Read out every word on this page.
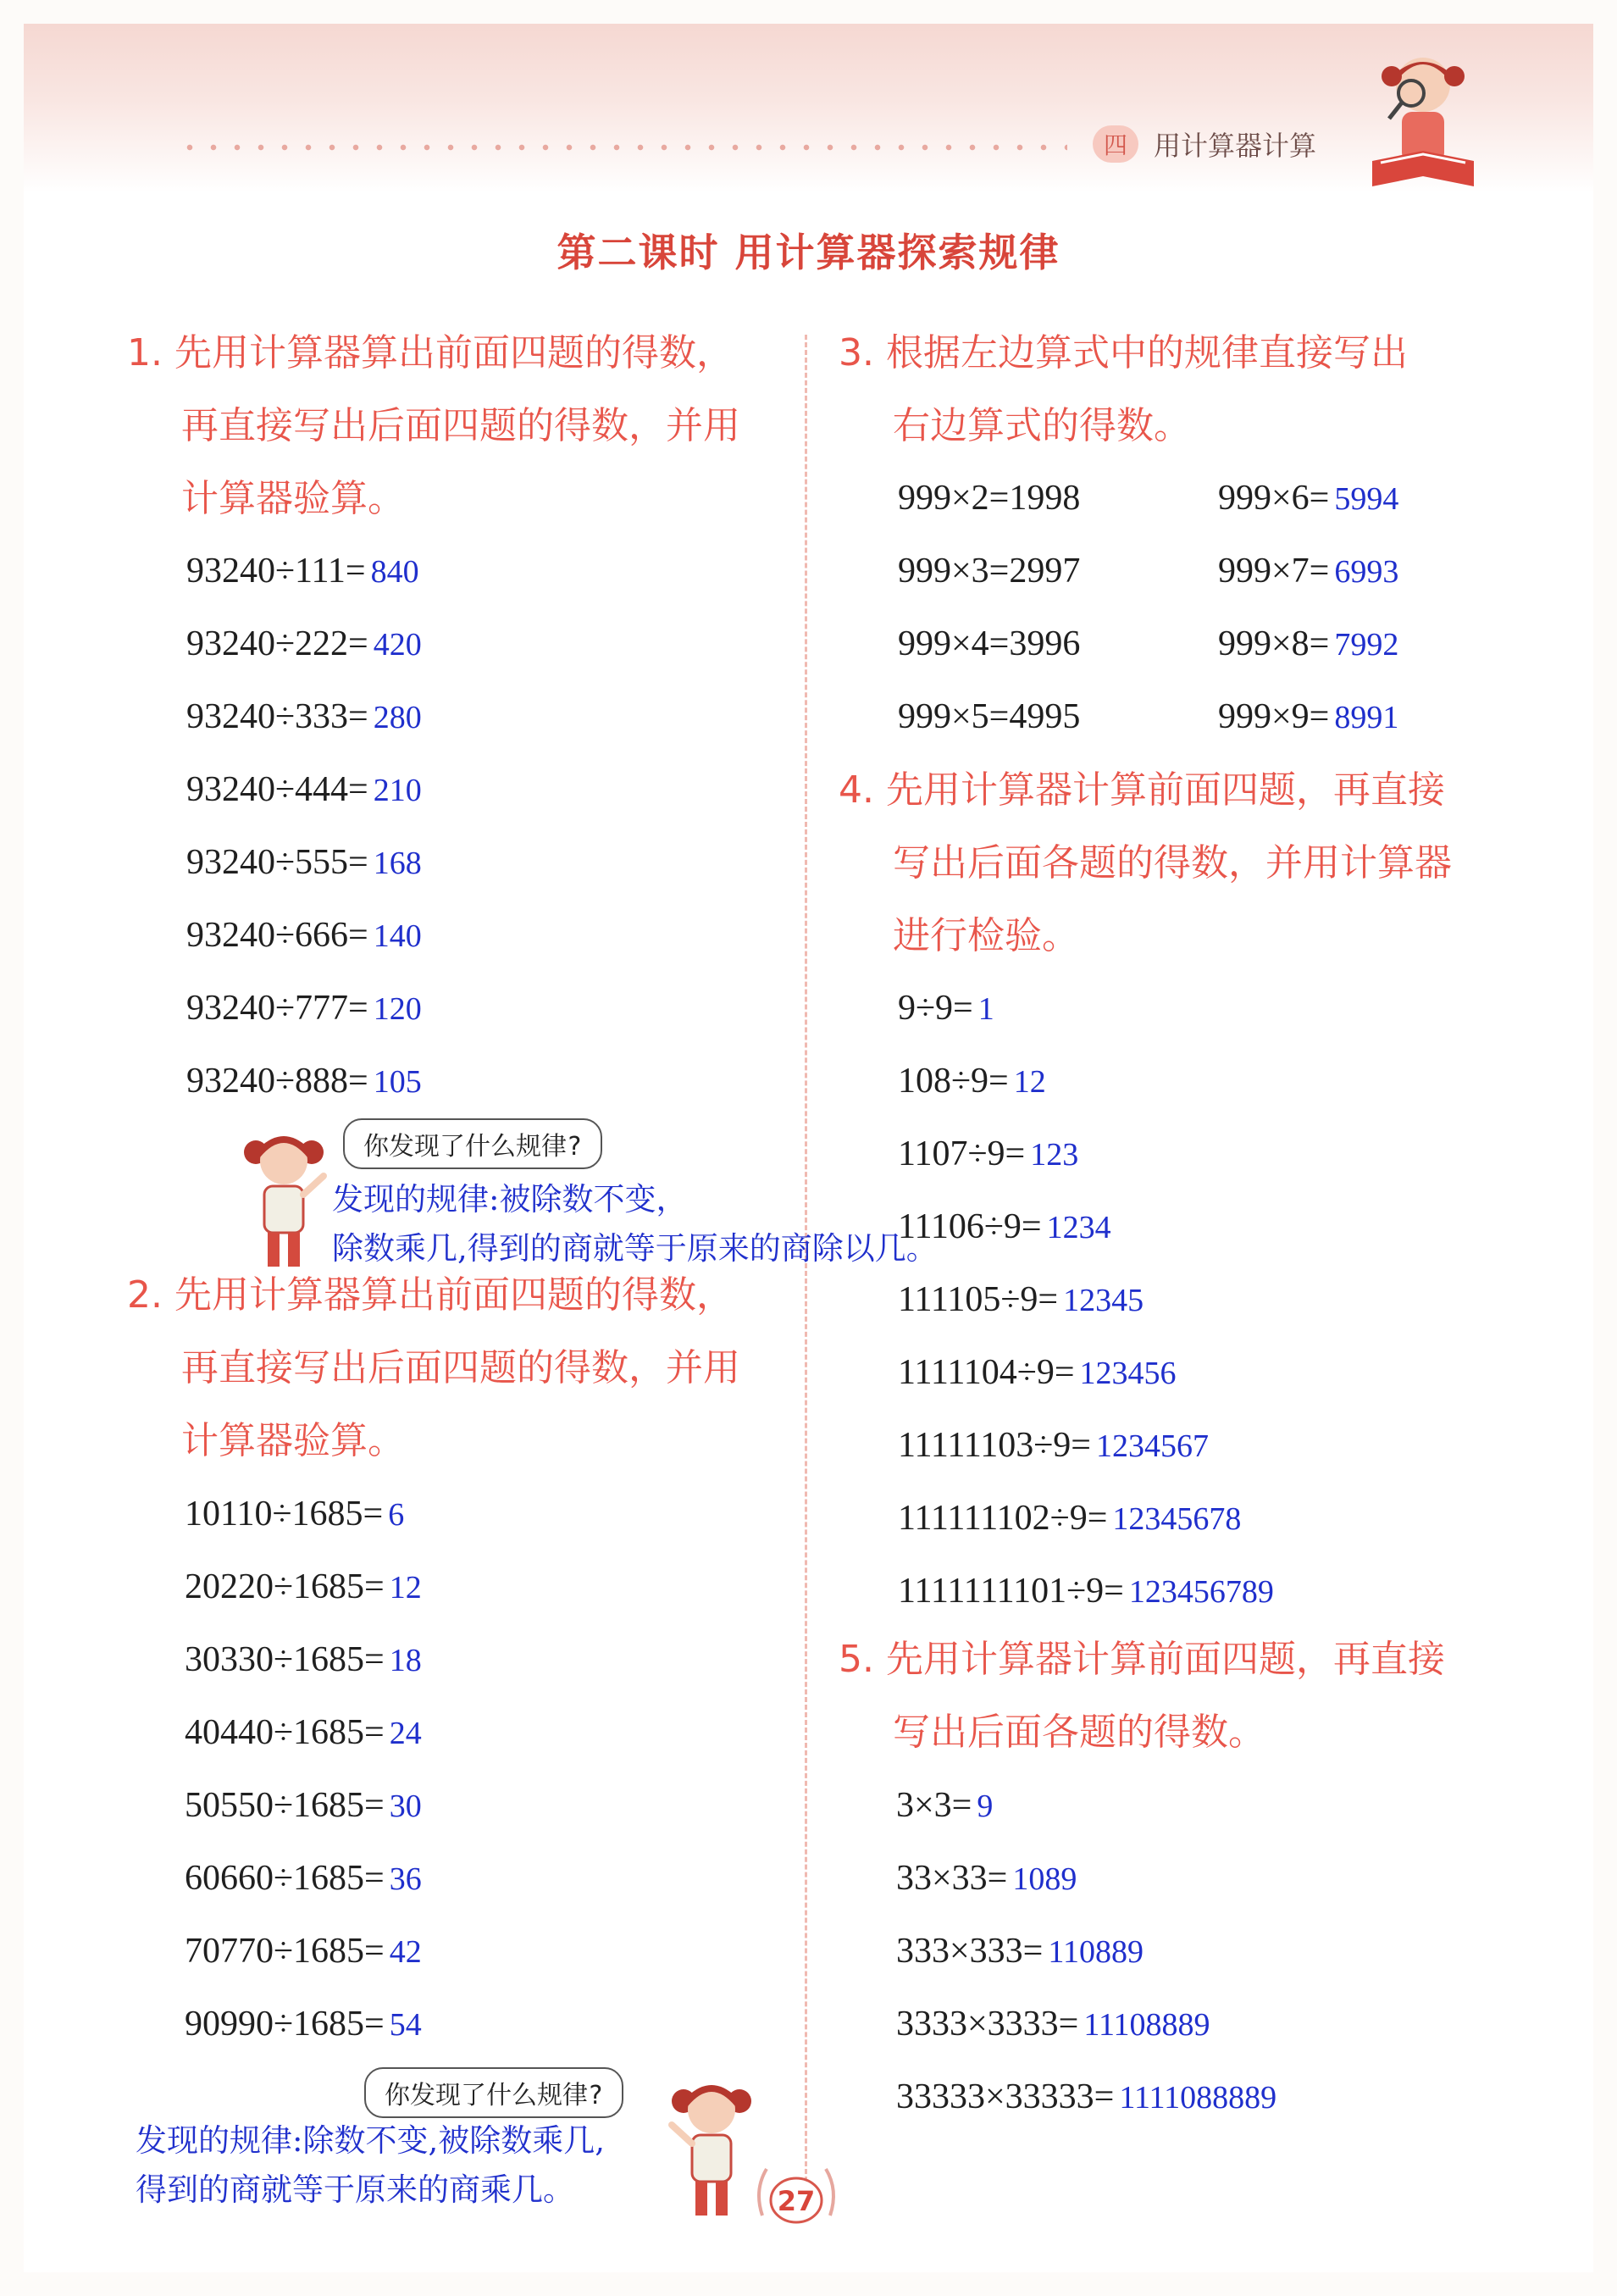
四 用计算器计算
第二课时 用计算器探索规律
1. 先用计算器算出前面四题的得数，
再直接写出后面四题的得数，并用
计算器验算。
93240÷111= 840
93240÷222= 420
93240÷333= 280
93240÷444= 210
93240÷555= 168
93240÷666= 140
93240÷777= 120
93240÷888= 105
你发现了什么规律?
发现的规律:被除数不变，
除数乘几,得到的商就等于原来的商除以几。
2. 先用计算器算出前面四题的得数，
再直接写出后面四题的得数，并用
计算器验算。
10110÷1685= 6
20220÷1685= 12
30330÷1685= 18
40440÷1685= 24
50550÷1685= 30
60660÷1685= 36
70770÷1685= 42
90990÷1685= 54
你发现了什么规律?
发现的规律:除数不变,被除数乘几,
得到的商就等于原来的商乘几。
3. 根据左边算式中的规律直接写出
右边算式的得数。
999×2=1998
999×3=2997
999×4=3996
999×5=4995
999×6= 5994
999×7= 6993
999×8= 7992
999×9= 8991
4. 先用计算器计算前面四题，再直接
写出后面各题的得数，并用计算器
进行检验。
9÷9= 1
108÷9= 12
1107÷9= 123
11106÷9= 1234
111105÷9= 12345
1111104÷9= 123456
11111103÷9= 1234567
111111102÷9= 12345678
1111111101÷9= 123456789
5. 先用计算器计算前面四题，再直接
写出后面各题的得数。
3×3= 9
33×33= 1089
333×333= 110889
3333×3333= 11108889
33333×33333= 1111088889
27
